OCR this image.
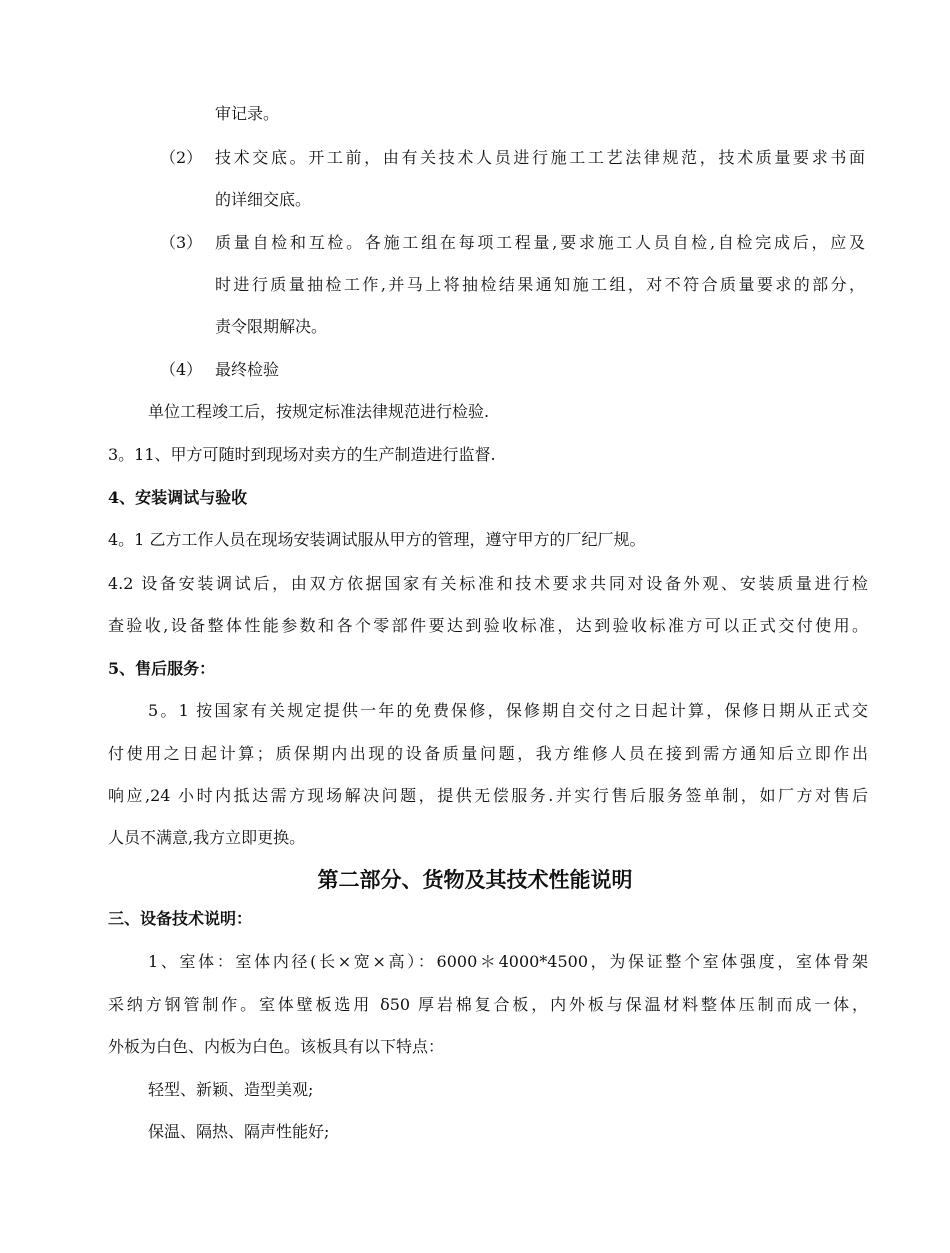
审记录。
（2） 技术交底。开工前，由有关技术人员进行施工工艺法律规范，技术质量要求书面
的详细交底。
（3） 质量自检和互检。各施工组在每项工程量,要求施工人员自检,自检完成后，应及
时进行质量抽检工作,并马上将抽检结果通知施工组，对不符合质量要求的部分，
责令限期解决。
（4） 最终检验
单位工程竣工后，按规定标准法律规范进行检验.
3。11、甲方可随时到现场对卖方的生产制造进行监督.
4、安装调试与验收
4。1 乙方工作人员在现场安装调试服从甲方的管理，遵守甲方的厂纪厂规。
4.2 设备安装调试后，由双方依据国家有关标准和技术要求共同对设备外观、安装质量进行检
查验收,设备整体性能参数和各个零部件要达到验收标准，达到验收标准方可以正式交付使用。
5、售后服务：
5。1 按国家有关规定提供一年的免费保修，保修期自交付之日起计算，保修日期从正式交
付使用之日起计算；质保期内出现的设备质量问题，我方维修人员在接到需方通知后立即作出
响应,24 小时内抵达需方现场解决问题，提供无偿服务.并实行售后服务签单制，如厂方对售后
人员不满意,我方立即更换。
第二部分、货物及其技术性能说明
三、设备技术说明：
1、室体：室体内径(长×宽×高）：6000＊4000*4500，为保证整个室体强度，室体骨架
采纳方钢管制作。室体壁板选用 δ50 厚岩棉复合板，内外板与保温材料整体压制而成一体，
外板为白色、内板为白色。该板具有以下特点：
轻型、新颖、造型美观;
保温、隔热、隔声性能好;
